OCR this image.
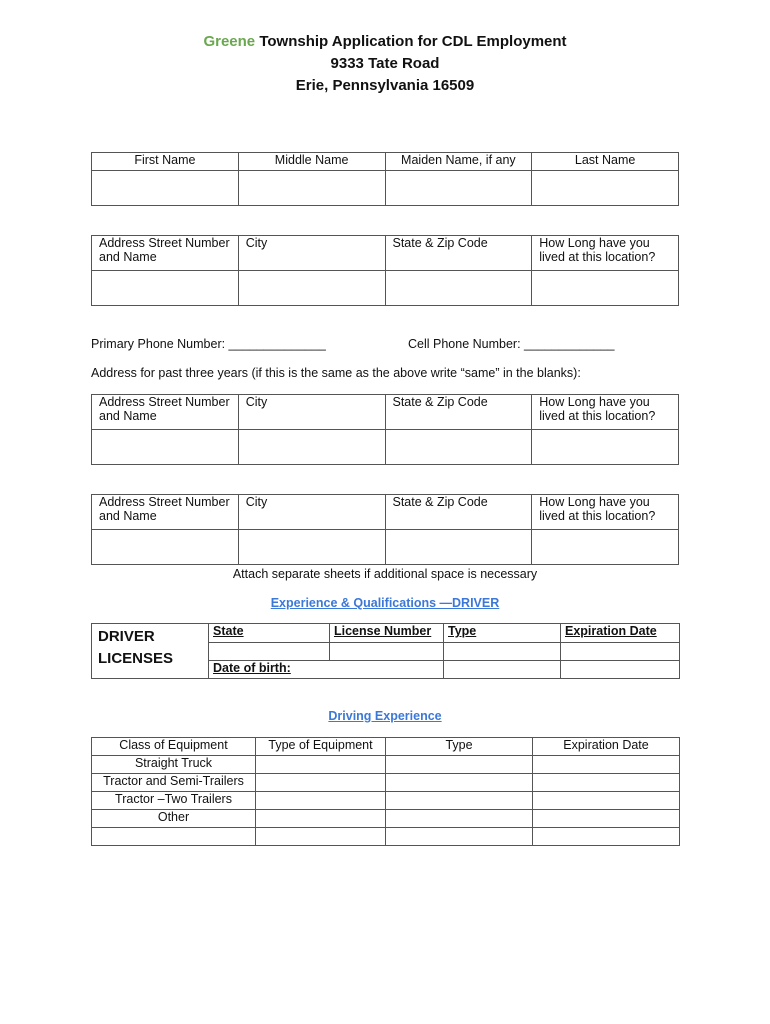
Greene Township Application for CDL Employment
9333 Tate Road
Erie, Pennsylvania 16509
First Name	Middle Name	Maiden Name, if any	Last Name

Address Street Number and Name	City	State & Zip Code	How Long have you lived at this location?

Primary Phone Number: ______________	Cell Phone Number: _____________
Address for past three years (if this is the same as the above write “same” in the blanks):
Address Street Number and Name	City	State & Zip Code	How Long have you lived at this location?

Address Street Number and Name	City	State & Zip Code	How Long have you lived at this location?

Attach separate sheets if additional space is necessary
Experience & Qualifications —DRIVER
DRIVER LICENSES	State	License Number	Type	Expiration Date

	Date of birth:			
Driving Experience
Class of Equipment	Type of Equipment	Type	Expiration Date
Straight Truck			
Tractor and Semi-Trailers			
Tractor –Two Trailers			
Other			
